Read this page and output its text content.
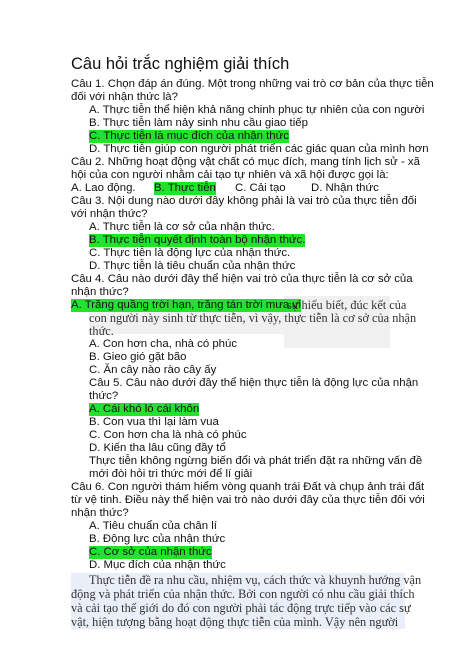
Câu hỏi trắc nghiệm giải thích
Câu 1. Chọn đáp án đúng. Một trong những vai trò cơ bản của thực tiễn
đối với nhận thức là?
A. Thực tiễn thể hiện khả năng chinh phục tự nhiên của con người
B. Thực tiễn làm nảy sinh nhu cầu giao tiếp
C. Thực tiễn là mục đích của nhận thức
D. Thực tiễn giúp con người phát triển các giác quan của mình hơn
Câu 2. Những hoạt động vật chất có mục đích, mang tính lịch sử - xã
hội của con người nhằm cải tạo tự nhiên và xã hội được gọi là:
A. Lao động. B. Thực tiễn C. Cải tạo D. Nhận thức
Câu 3. Nội dung nào dưới đây không phải là vai trò của thực tiễn đối
với nhận thức?
A. Thực tiễn là cơ sở của nhận thức.
B. Thực tiễn quyết định toàn bộ nhận thức.
C. Thực tiễn là động lực của nhận thức.
D. Thực tiễn là tiêu chuẩn của nhận thức
Câu 4. Câu nào dưới đây thể hiện vai trò của thực tiễn là cơ sở của
nhận thức?
A. Trăng quầng trời hạn, trăng tán trời mưa vì
sự hiểu biết, đúc kết của
con người này sinh từ thực tiễn, vì vậy, thực tiễn là cơ sở của nhận
thức.
A. Con hơn cha, nhà có phúc
B. Gieo gió gặt bão
C. Ăn cây nào rào cây ấy
Câu 5. Câu nào dưới đây thể hiện thực tiễn là động lực của nhận
thức?
A. Cái khó ló cái khôn
B. Con vua thì lại làm vua
C. Con hơn cha là nhà có phúc
D. Kiến tha lâu cũng đầy tổ
Thực tiễn không ngừng biến đổi và phát triển đặt ra những vấn đề
mới đòi hỏi tri thức mới để lí giải
Câu 6. Con người thám hiểm vòng quanh trái Đất và chụp ảnh trái đất
từ vệ tinh. Điều này thể hiện vai trò nào dưới đây của thực tiễn đối với
nhận thức?
A. Tiêu chuẩn của chân lí
B. Động lực của nhận thức
C. Cơ sở của nhận thức
D. Mục đích của nhận thức
Thực tiễn đề ra nhu cầu, nhiệm vụ, cách thức và khuynh hướng vận
động và phát triển của nhận thức. Bởi con người có nhu cầu giải thích
và cải tạo thế giới do đó con người phải tác động trực tiếp vào các sự
vật, hiện tượng bằng hoạt động thực tiễn của mình. Vậy nên người
